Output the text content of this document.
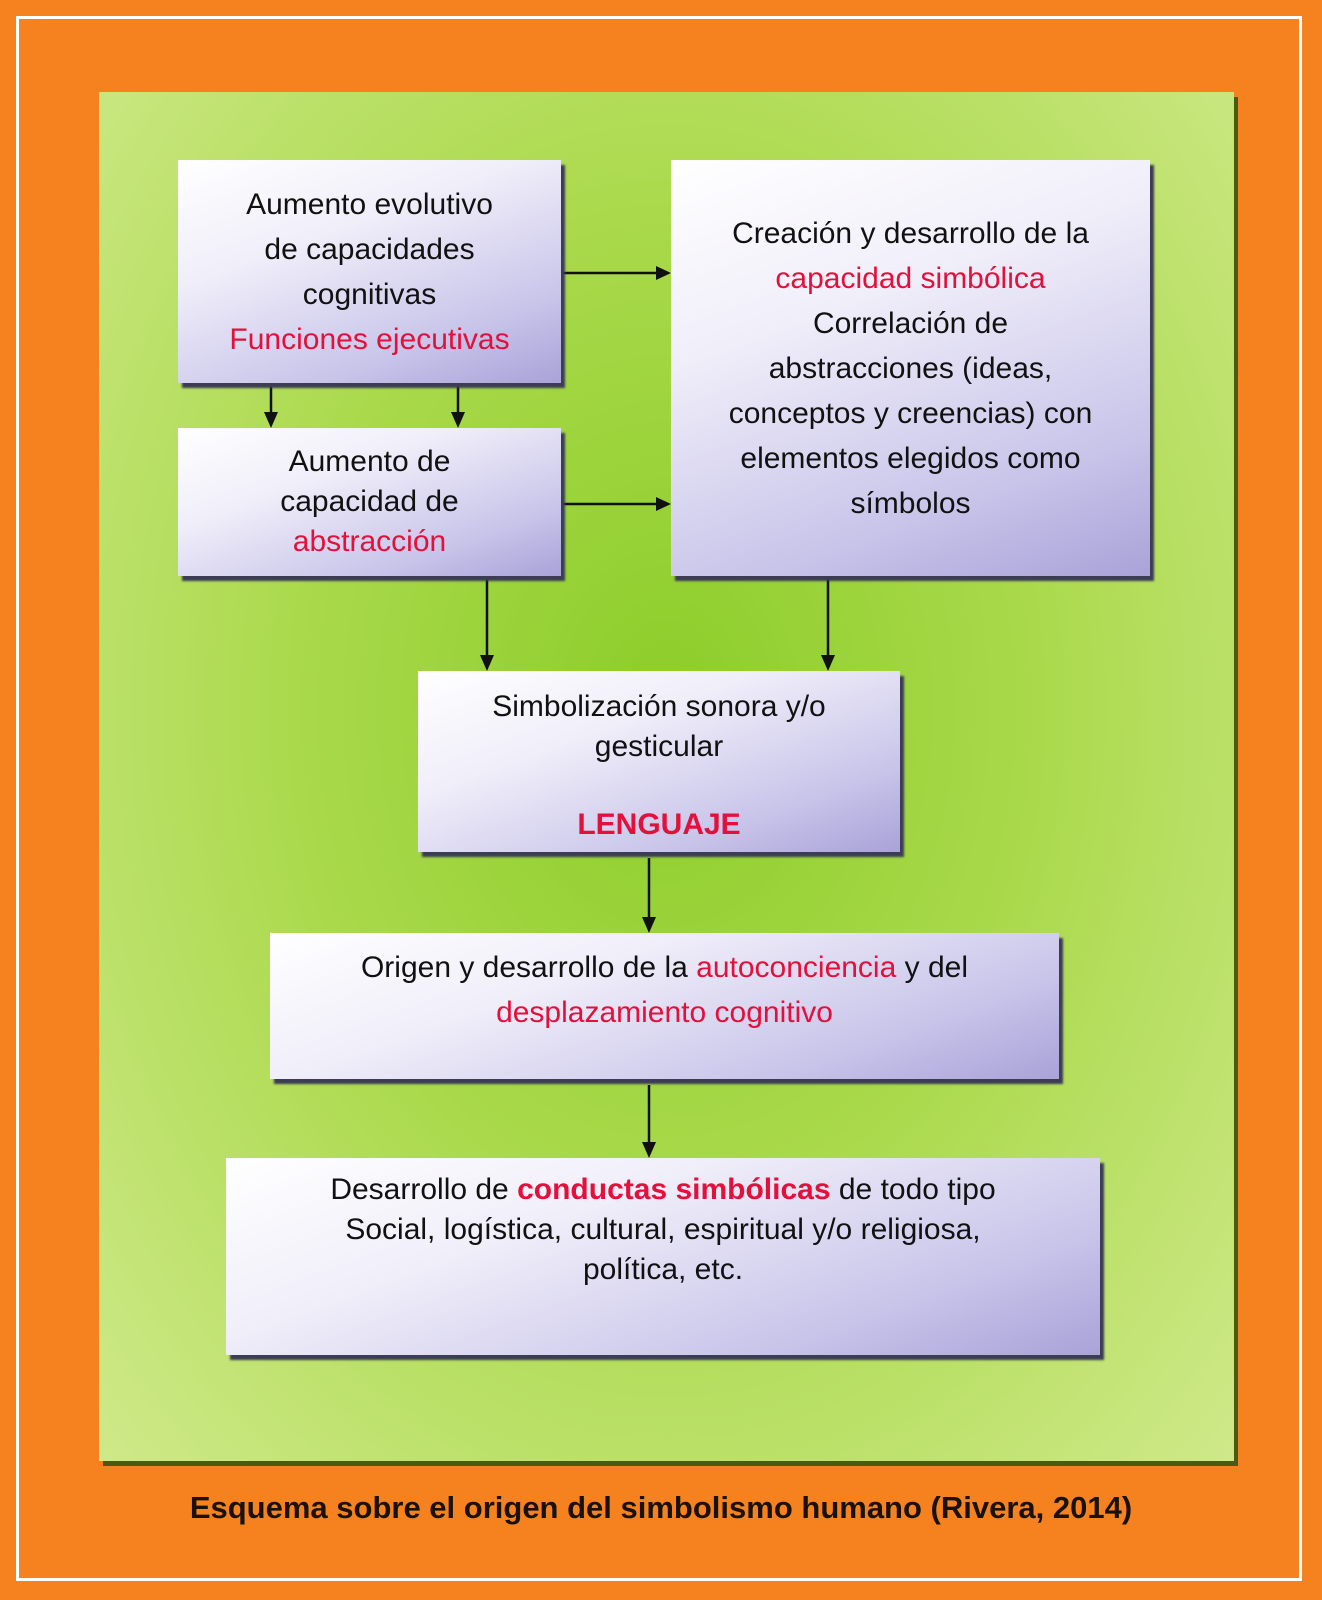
Aumento evolutivo
de capacidades
cognitivas
Funciones ejecutivas
Aumento de
capacidad de
abstracción
Creación y desarrollo de la
capacidad simbólica
Correlación de
abstracciones (ideas,
conceptos y creencias) con
elementos elegidos como
símbolos
Simbolización sonora y/o
gesticular
LENGUAJE
Origen y desarrollo de la autoconciencia y del
desplazamiento cognitivo
Desarrollo de conductas simbólicas de todo tipo
Social, logística, cultural, espiritual y/o religiosa,
política, etc.
Esquema sobre el origen del simbolismo humano (Rivera, 2014)
